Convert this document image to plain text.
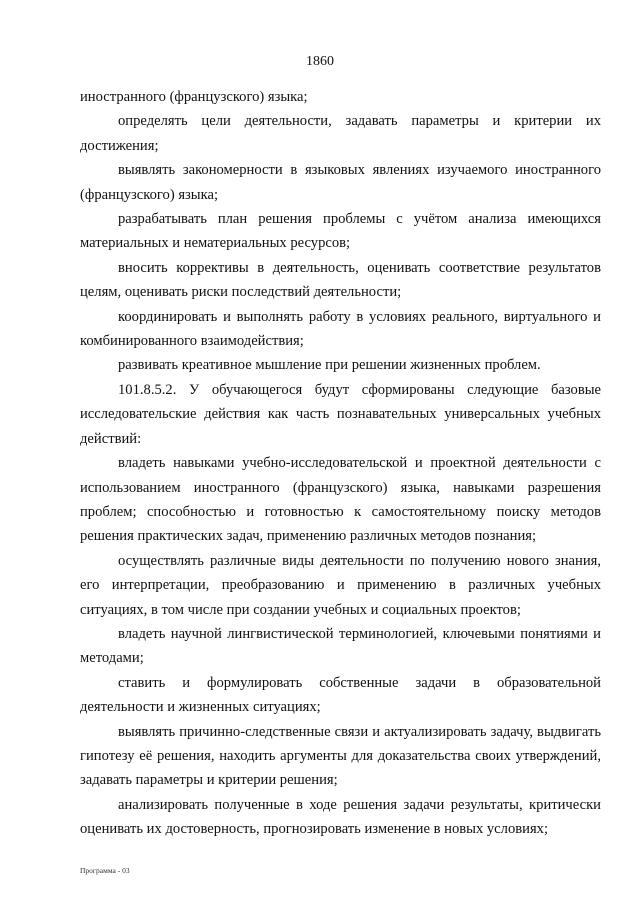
1860

иностранного (французского) языка;

определять цели деятельности, задавать параметры и критерии их достижения;

выявлять закономерности в языковых явлениях изучаемого иностранного (французского) языка;

разрабатывать план решения проблемы с учётом анализа имеющихся материальных и нематериальных ресурсов;

вносить коррективы в деятельность, оценивать соответствие результатов целям, оценивать риски последствий деятельности;

координировать и выполнять работу в условиях реального, виртуального и комбинированного взаимодействия;

развивать креативное мышление при решении жизненных проблем.

101.8.5.2. У обучающегося будут сформированы следующие базовые исследовательские действия как часть познавательных универсальных учебных действий:

владеть навыками учебно-исследовательской и проектной деятельности с использованием иностранного (французского) языка, навыками разрешения проблем; способностью и готовностью к самостоятельному поиску методов решения практических задач, применению различных методов познания;

осуществлять различные виды деятельности по получению нового знания, его интерпретации, преобразованию и применению в различных учебных ситуациях, в том числе при создании учебных и социальных проектов;

владеть научной лингвистической терминологией, ключевыми понятиями и методами;

ставить и формулировать собственные задачи в образовательной деятельности и жизненных ситуациях;

выявлять причинно-следственные связи и актуализировать задачу, выдвигать гипотезу её решения, находить аргументы для доказательства своих утверждений, задавать параметры и критерии решения;

анализировать полученные в ходе решения задачи результаты, критически оценивать их достоверность, прогнозировать изменение в новых условиях;

Программа - 03
